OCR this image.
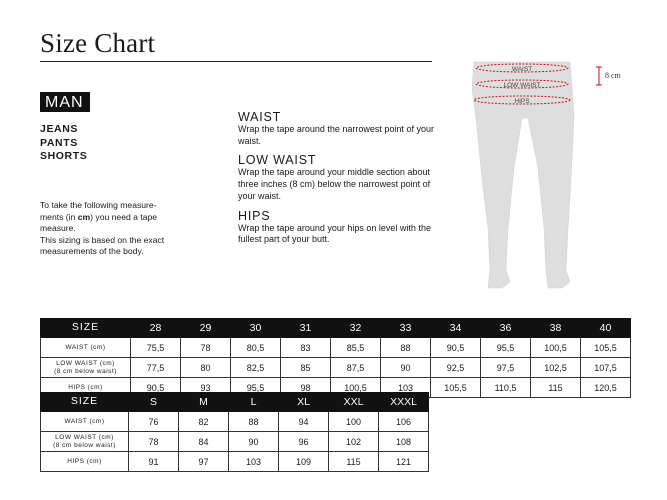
Size Chart
MAN
JEANS
PANTS
SHORTS
To take the following measure-
ments (in cm) you need a tape measure.
This sizing is based on the exact measurements of the body.
WAIST
Wrap the tape around the narrowest point of your waist.
LOW WAIST
Wrap the tape around your middle section about three inches (8 cm) below the narrowest point of your waist.
HIPS
Wrap the tape around your hips on level with the fullest part of your butt.
WAIST
LOW WAIST
HIPS
8 cm
SIZE	28	29	30	31	32	33	34	36	38	40
WAIST (cm)	75,5	78	80,5	83	85,5	88	90,5	95,5	100,5	105,5

LOW WAIST (cm)
(8 cm below waist)	77,5	80	82,5	85	87,5	90	92,5	97,5	102,5	107,5
HIPS (cm)	90,5	93	95,5	98	100,5	103	105,5	110,5	115	120,5
SIZE	S	M	L	XL	XXL	XXXL
WAIST (cm)	76	82	88	94	100	106

LOW WAIST (cm)
(8 cm below waist)	78	84	90	96	102	108
HIPS (cm)	91	97	103	109	115	121
